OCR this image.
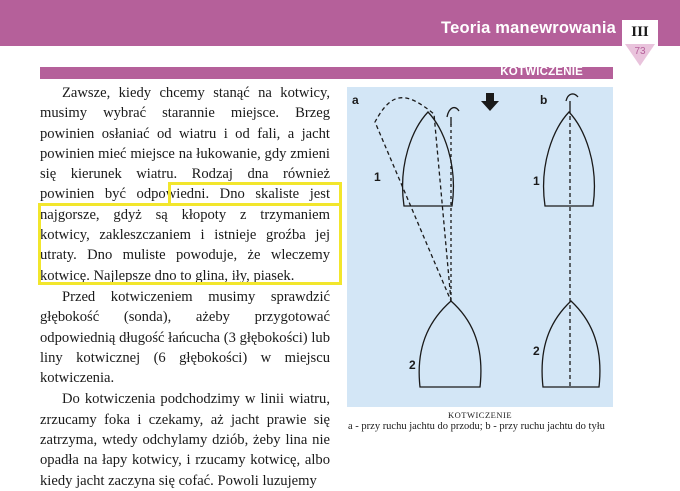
Teoria manewrowania	III
73
KOTWICZENIE

Zawsze, kiedy chcemy stanąć na kotwicy, musimy wybrać starannie miejsce. Brzeg powinien osłaniać od wiatru i od fali, a jacht powinien mieć miejsce na łukowanie, gdy zmieni się kierunek wiatru. Rodzaj dna również powinien być odpowiedni. Dno skaliste jest najgorsze, gdyż są kłopoty z trzymaniem kotwicy, zakleszczaniem i istnieje groźba jej utraty. Dno muliste powoduje, że wleczemy kotwicę. Najlepsze dno to glina, iły, piasek.

Przed kotwiczeniem musimy sprawdzić głębokość (sonda), ażeby przygotować odpowiednią długość łańcucha (3 głębokości) lub liny kotwicznej (6 głębokości) w miejscu kotwiczenia.

Do kotwiczenia podchodzimy w linii wiatru, zrzucamy foka i czekamy, aż jacht prawie się zatrzyma, wtedy odchylamy dziób, żeby lina nie opadła na łapy kotwicy, i rzucamy kotwicę, albo kiedy jacht zaczyna się cofać. Powoli luzujemy

a	b
1	1
2
2
KOTWICZENIE
a - przy ruchu jachtu do przodu; b - przy ruchu jachtu do tyłu
